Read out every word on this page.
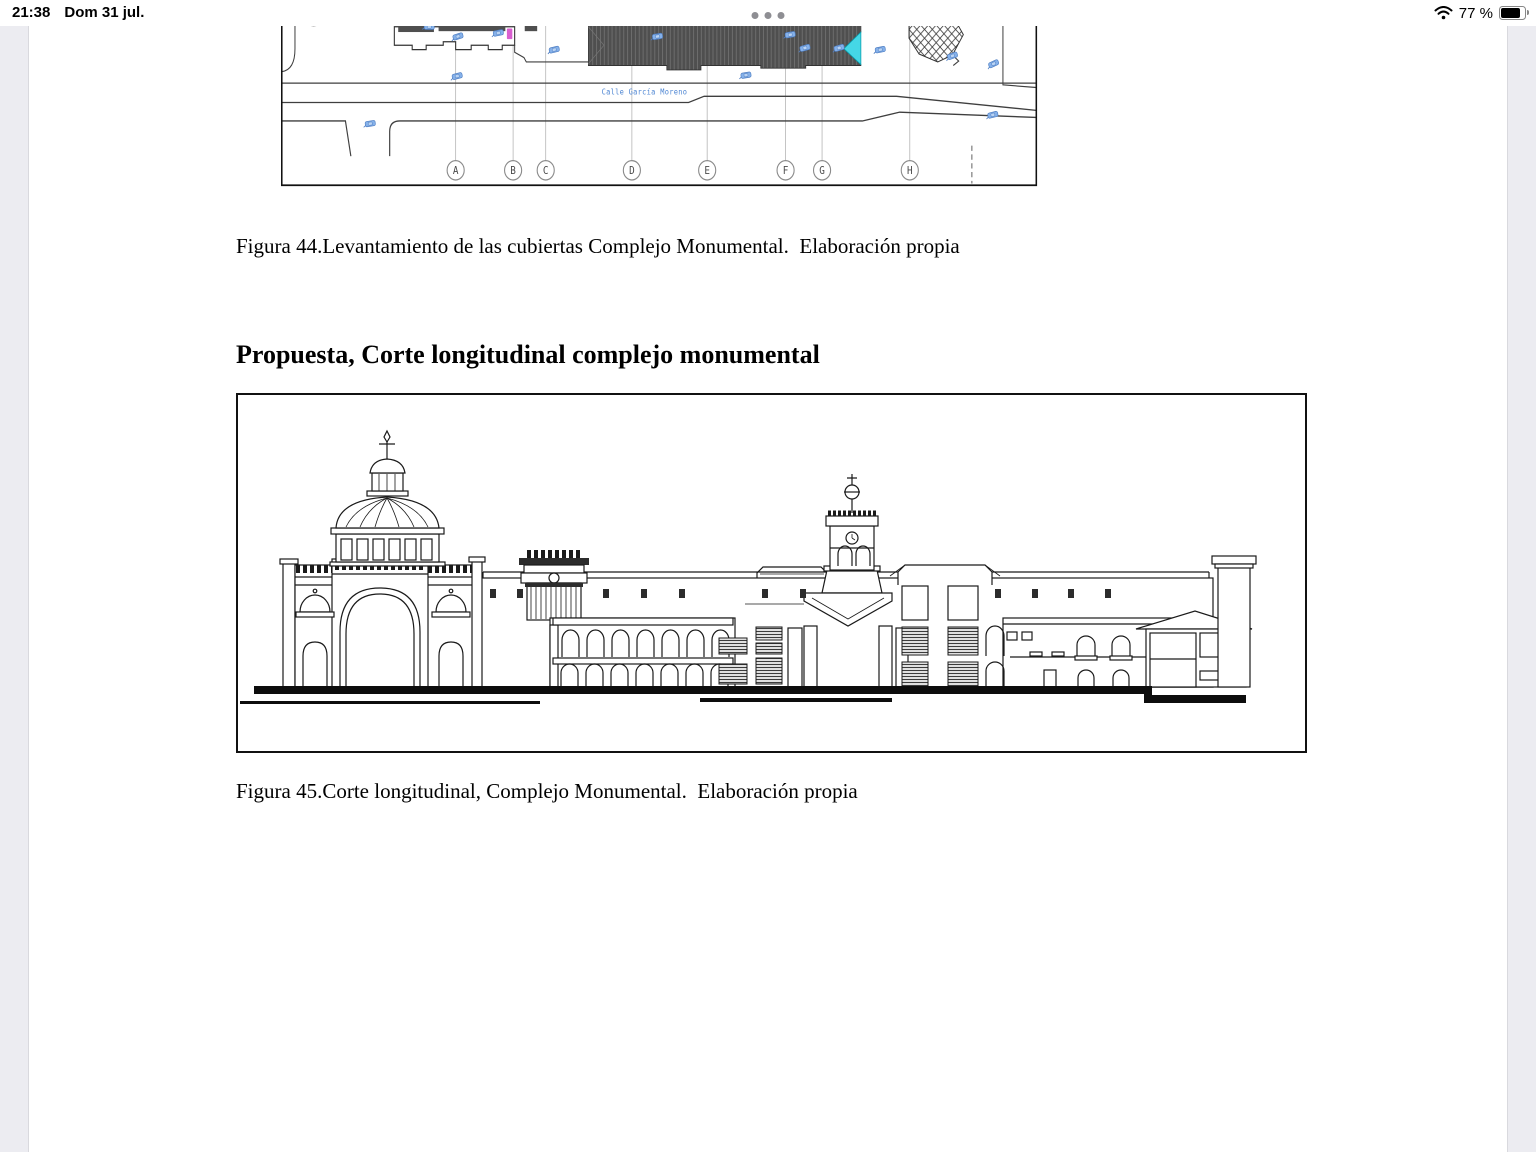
21:38 Dom 31 jul.	77 %
Calle García Moreno
A	B C	D	E	F	G	H
Figura 44.Levantamiento de las cubiertas Complejo Monumental.  Elaboración propia
Propuesta, Corte longitudinal complejo monumental
Figura 45.Corte longitudinal, Complejo Monumental.  Elaboración propia
